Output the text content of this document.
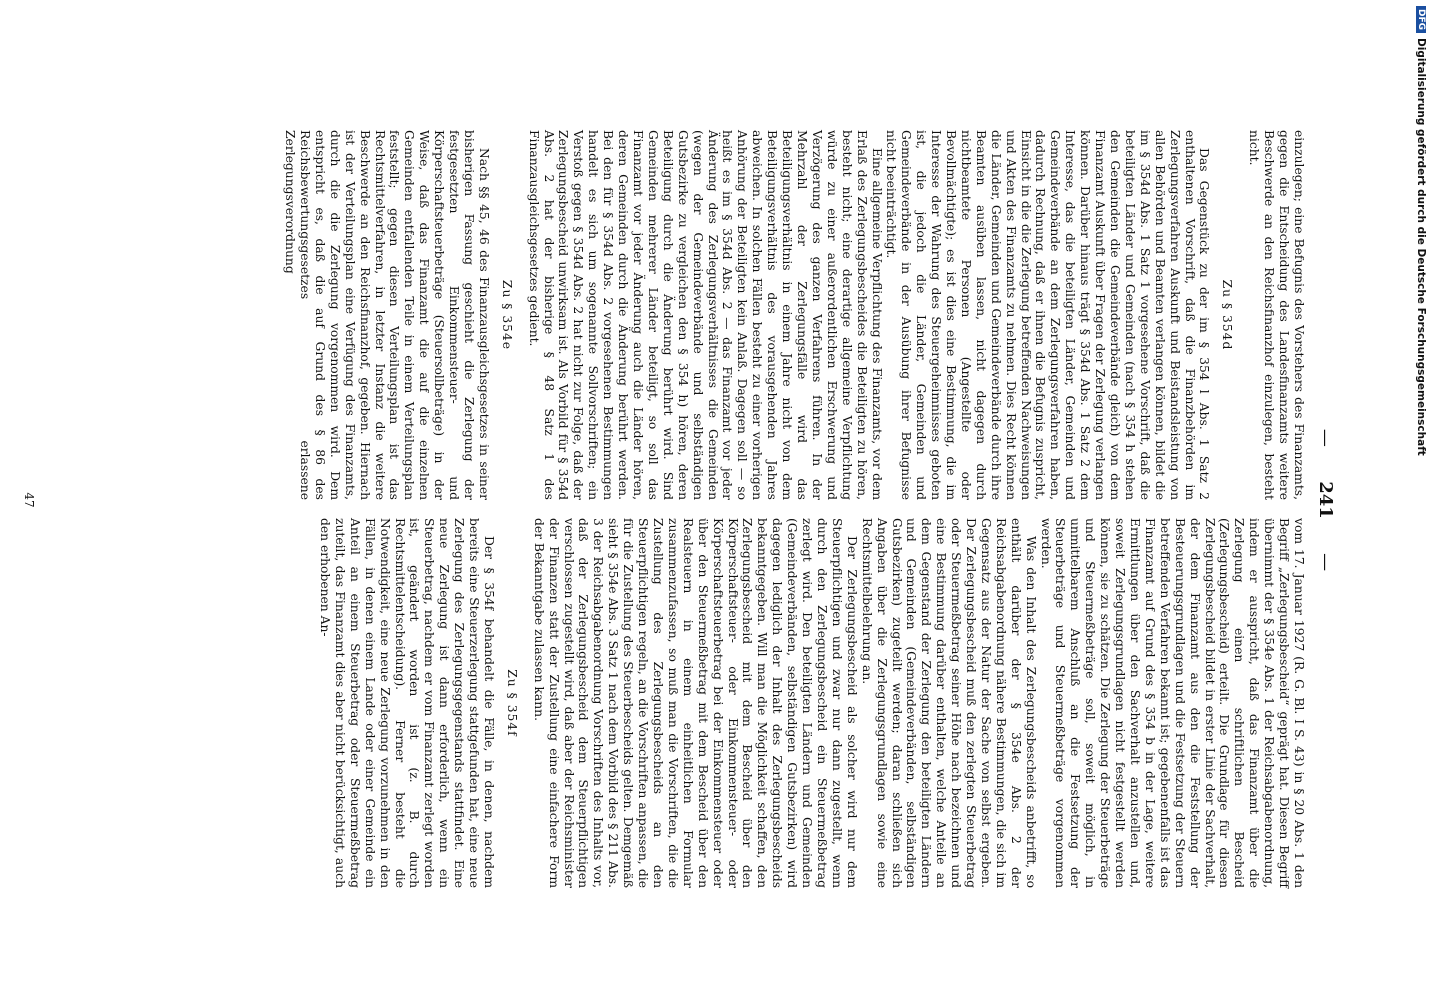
— 241 —

einzulegen; eine Befugnis des Vorstehers des Finanzamts, gegen die Entscheidung des Landesfinanzamts weitere Beschwerde an den Reichsfinanzhof einzulegen, besteht nicht.

Zu § 354d

Das Gegenstück zu der im § 354 l Abs. 1 Satz 2 enthaltenen Vorschrift, daß die Finanzbehörden im Zerlegungsverfahren Auskunft und Beistandsleistung von allen Behörden und Beamten verlangen können, bildet die im § 354d Abs. 1 Satz 1 vorgesehene Vorschrift, daß die beteiligten Länder und Gemeinden (nach § 354 h stehen den Gemeinden die Gemeindeverbände gleich) von dem Finanzamt Auskunft über Fragen der Zerlegung verlangen können. Darüber hinaus trägt § 354d Abs. 1 Satz 2 dem Interesse, das die beteiligten Länder, Gemeinden und Gemeindeverbände an dem Zerlegungsverfahren haben, dadurch Rechnung, daß er ihnen die Befugnis zuspricht, Einsicht in die die Zerlegung betreffenden Nachweisungen und Akten des Finanzamts zu nehmen. Dies Recht können die Länder, Gemeinden und Gemeindeverbände durch ihre Beamten ausüben lassen, nicht dagegen durch nichtbeamtete Personen (Angestellte oder Bevollmächtigte); es ist dies eine Bestimmung, die im Interesse der Wahrung des Steuergeheimnisses geboten ist, die jedoch die Länder, Gemeinden und Gemeindeverbände in der Ausübung ihrer Befugnisse nicht beeinträchtigt.

Eine allgemeine Verpflichtung des Finanzamts, vor dem Erlaß des Zerlegungsbescheides die Beteiligten zu hören, besteht nicht; eine derartige allgemeine Verpflichtung würde zu einer außerordentlichen Erschwerung und Verzögerung des ganzen Verfahrens führen. In der Mehrzahl der Zerlegungsfälle wird das Beteiligungsverhältnis in einem Jahre nicht von dem Beteiligungsverhältnis des vorausgehenden Jahres abweichen. In solchen Fällen besteht zu einer vorherigen Anhörung der Beteiligten kein Anlaß. Dagegen soll — so heißt es im § 354d Abs. 2 — das Finanzamt vor jeder Änderung des Zerlegungsverhältnisses die Gemeinden (wegen der Gemeindeverbände und selbständigen Gutsbezirke zu vergleichen den § 354 h) hören, deren Beteiligung durch die Änderung berührt wird. Sind Gemeinden mehrerer Länder beteiligt, so soll das Finanzamt vor jeder Änderung auch die Länder hören, deren Gemeinden durch die Änderung berührt werden. Bei den für § 354d Abs. 2 vorgesehenen Bestimmungen handelt es sich um sogenannte Sollvorschriften; ein Verstoß gegen § 354d Abs. 2 hat nicht zur Folge, daß der Zerlegungsbescheid unwirksam ist. Als Vorbild für § 354d Abs. 2 hat der bisherige § 48 Satz 1 des Finanzausgleichsgesetzes gedient.

Zu § 354e

Nach §§ 45, 46 des Finanzausgleichsgesetzes in seiner bisherigen Fassung geschieht die Zerlegung der festgesetzten Einkommensteuer- und Körperschaftsteuerbeträge (Steuersollbeträge) in der Weise, daß das Finanzamt die auf die einzelnen Gemeinden entfallenden Teile in einem Verteilungsplan feststellt; gegen diesen Verteilungsplan ist das Rechtsmittelverfahren, in letzter Instanz die weitere Beschwerde an den Reichsfinanzhof, gegeben. Hiernach ist der Verteilungsplan eine Verfügung des Finanzamts, durch die die Zerlegung vorgenommen wird. Dem entspricht es, daß die auf Grund des § 86 des Reichsbewertungsgesetzes erlassene Zerlegungsverordnung

vom 17. Januar 1927 (R. G. Bl. I S. 43) in § 20 Abs. 1 den Begriff „Zerlegungsbescheid“ geprägt hat. Diesen Begriff übernimmt der § 354e Abs. 1 der Reichsabgabenordnung, indem er ausspricht, daß das Finanzamt über die Zerlegung einen schriftlichen Bescheid (Zerlegungsbescheid) erteilt. Die Grundlage für diesen Zerlegungsbescheid bildet in erster Linie der Sachverhalt, der dem Finanzamt aus den die Feststellung der Besteuerungsgrundlagen und die Festsetzung der Steuern betreffenden Verfahren bekannt ist; gegebenenfalls ist das Finanzamt auf Grund des § 354 b in der Lage, weitere Ermittlungen über den Sachverhalt anzustellen und, soweit Zerlegungsgrundlagen nicht festgestellt werden können, sie zu schätzen. Die Zerlegung der Steuerbeträge und Steuermeßbeträge soll, soweit möglich, in unmittelbarem Anschluß an die Festsetzung der Steuerbeträge und Steuermeßbeträge vorgenommen werden.

Was den Inhalt des Zerlegungsbescheids anbetrifft, so enthält darüber der § 354e Abs. 2 der Reichsabgabenordnung nähere Bestimmungen, die sich im Gegensatz aus der Natur der Sache von selbst ergeben. Der Zerlegungsbescheid muß den zerlegten Steuerbetrag oder Steuermeßbetrag seiner Höhe nach bezeichnen und eine Bestimmung darüber enthalten, welche Anteile an dem Gegenstand der Zerlegung den beteiligten Ländern und Gemeinden (Gemeindeverbänden, selbständigen Gutsbezirken) zugeteilt werden; daran schließen sich Angaben über die Zerlegungsgrundlagen sowie eine Rechtsmittelbelehrung an.

Der Zerlegungsbescheid als solcher wird nur dem Steuerpflichtigen und zwar nur dann zugestellt, wenn durch den Zerlegungsbescheid ein Steuermeßbetrag zerlegt wird. Den beteiligten Ländern und Gemeinden (Gemeindeverbänden, selbständigen Gutsbezirken) wird dagegen lediglich der Inhalt des Zerlegungsbescheids bekanntgegeben. Will man die Möglichkeit schaffen, den Zerlegungsbescheid mit dem Bescheid über den Körperschaftsteuer- oder Einkommensteuer- oder Körperschaftsteuerbetrag bei der Einkommensteuer oder über den Steuermeßbetrag mit dem Bescheid über den Realsteuern in einem einheitlichen Formular zusammenzufassen, so muß man die Vorschriften, die die Zustellung des Zerlegungsbescheids an den Steuerpflichtigen regeln, an die Vorschriften anpassen, die für die Zustellung des Steuerbescheids gelten. Demgemäß sieht § 354e Abs. 3 Satz 1 nach dem Vorbild des § 211 Abs. 3 der Reichsabgabenordnung Vorschriften des Inhalts vor, daß der Zerlegungsbescheid dem Steuerpflichtigen verschlossen zugestellt wird, daß aber der Reichsminister der Finanzen statt der Zustellung eine einfachere Form der Bekanntgabe zulassen kann.

Zu § 354f

Der § 354f behandelt die Fälle, in denen, nachdem bereits eine Steuerzerlegung stattgefunden hat, eine neue Zerlegung des Zerlegungsgegenstands stattfindet. Eine neue Zerlegung ist dann erforderlich, wenn ein Steuerbetrag, nachdem er vom Finanzamt zerlegt worden ist, geändert worden ist (z. B. durch Rechtsmittelentscheidung). Ferner besteht die Notwendigkeit, eine neue Zerlegung vorzunehmen in den Fällen, in denen einem Lande oder einer Gemeinde ein Anteil an einem Steuerbetrag oder Steuermeßbetrag zuteilt, das Finanzamt dies aber nicht berücksichtigt, auch den erhobenen An-

47
DFGDigitalisierung gefördert durch die Deutsche Forschungsgemeinschaft
